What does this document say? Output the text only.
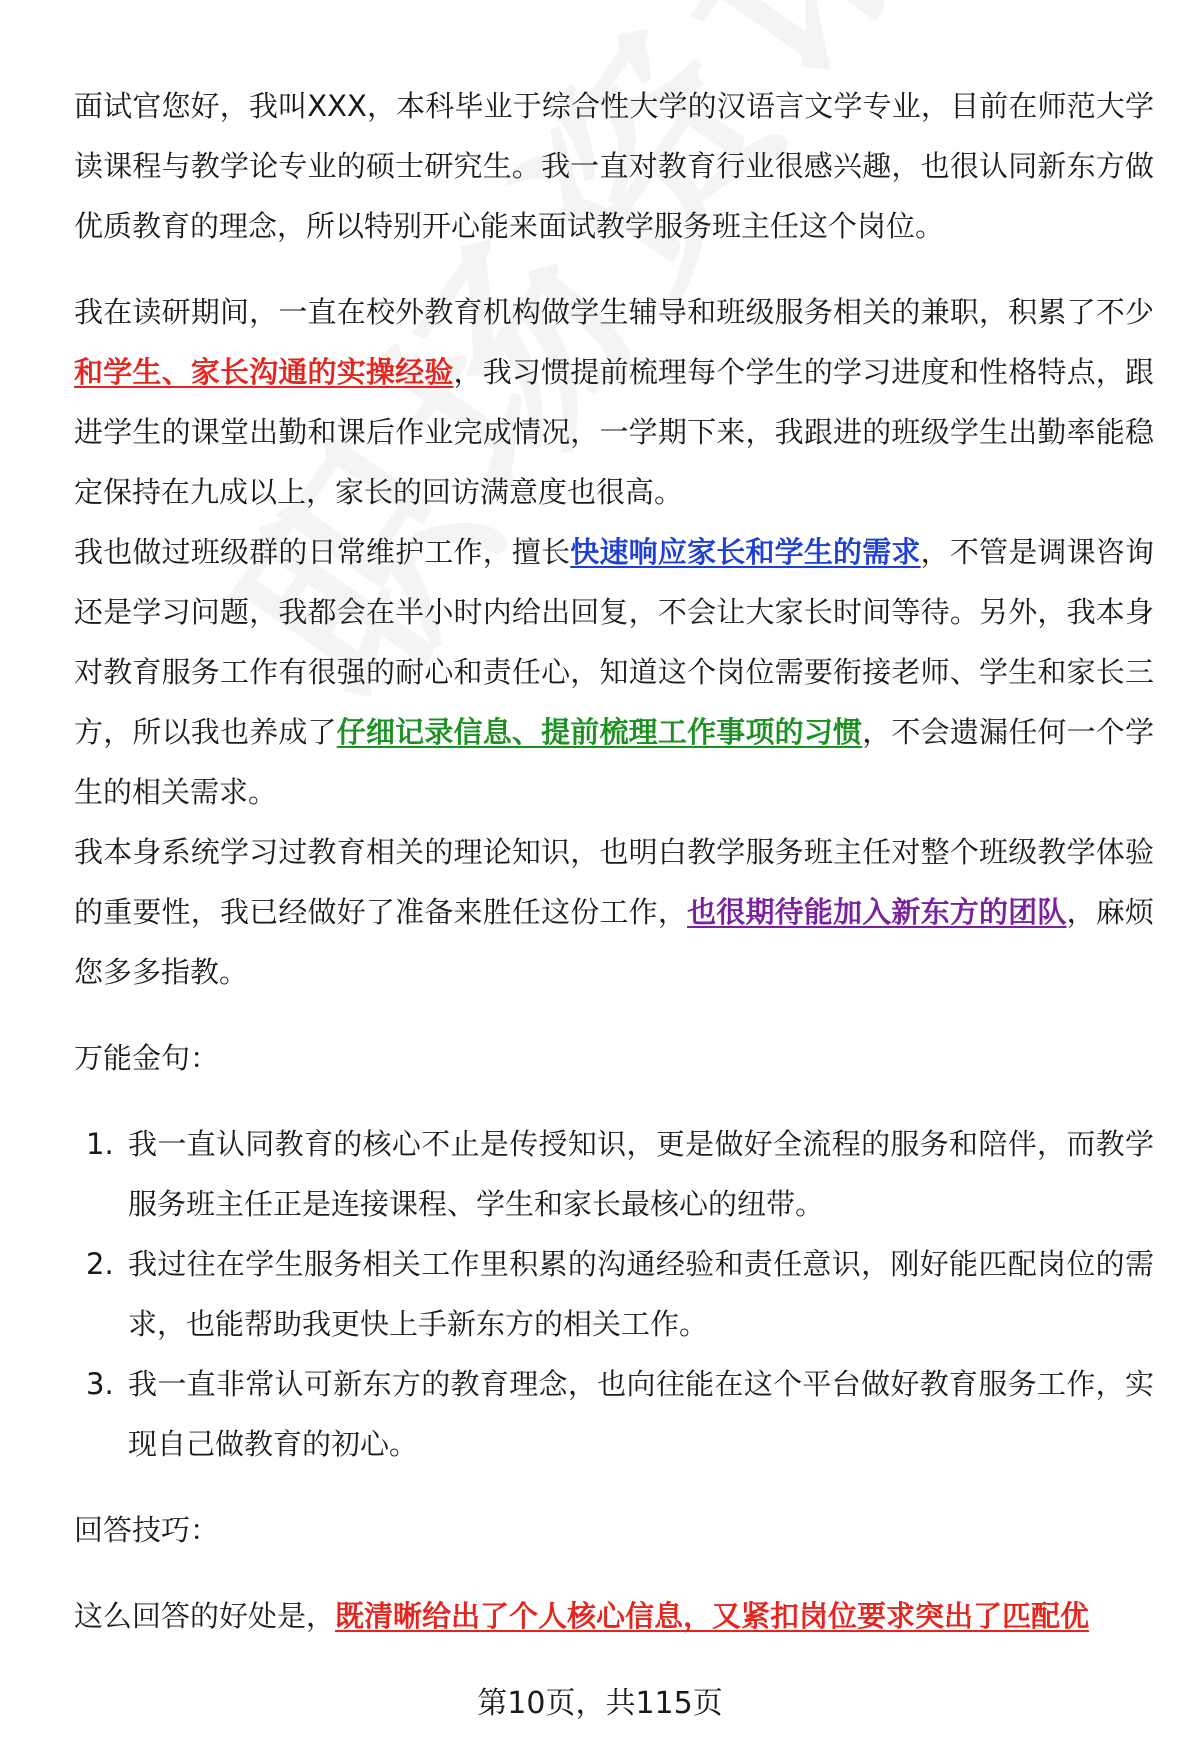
面试官您好，我叫XXX，本科毕业于综合性大学的汉语言文学专业，目前在师范大学读课程与教学论专业的硕士研究生。我一直对教育行业很感兴趣，也很认同新东方做优质教育的理念，所以特别开心能来面试教学服务班主任这个岗位。

我在读研期间，一直在校外教育机构做学生辅导和班级服务相关的兼职，积累了不少和学生、家长沟通的实操经验，我习惯提前梳理每个学生的学习进度和性格特点，跟进学生的课堂出勤和课后作业完成情况，一学期下来，我跟进的班级学生出勤率能稳定保持在九成以上，家长的回访满意度也很高。

我也做过班级群的日常维护工作，擅长快速响应家长和学生的需求，不管是调课咨询还是学习问题，我都会在半小时内给出回复，不会让大家长时间等待。另外，我本身对教育服务工作有很强的耐心和责任心，知道这个岗位需要衔接老师、学生和家长三方，所以我也养成了仔细记录信息、提前梳理工作事项的习惯，不会遗漏任何一个学生的相关需求。

我本身系统学习过教育相关的理论知识，也明白教学服务班主任对整个班级教学体验的重要性，我已经做好了准备来胜任这份工作，也很期待能加入新东方的团队，麻烦您多多指教。

万能金句：

1. 我一直认同教育的核心不止是传授知识，更是做好全流程的服务和陪伴，而教学服务班主任正是连接课程、学生和家长最核心的纽带。
2. 我过往在学生服务相关工作里积累的沟通经验和责任意识，刚好能匹配岗位的需求，也能帮助我更快上手新东方的相关工作。
3. 我一直非常认可新东方的教育理念，也向往能在这个平台做好教育服务工作，实现自己做教育的初心。

回答技巧：

这么回答的好处是，既清晰给出了个人核心信息，又紧扣岗位要求突出了匹配优

第10页，共115页
